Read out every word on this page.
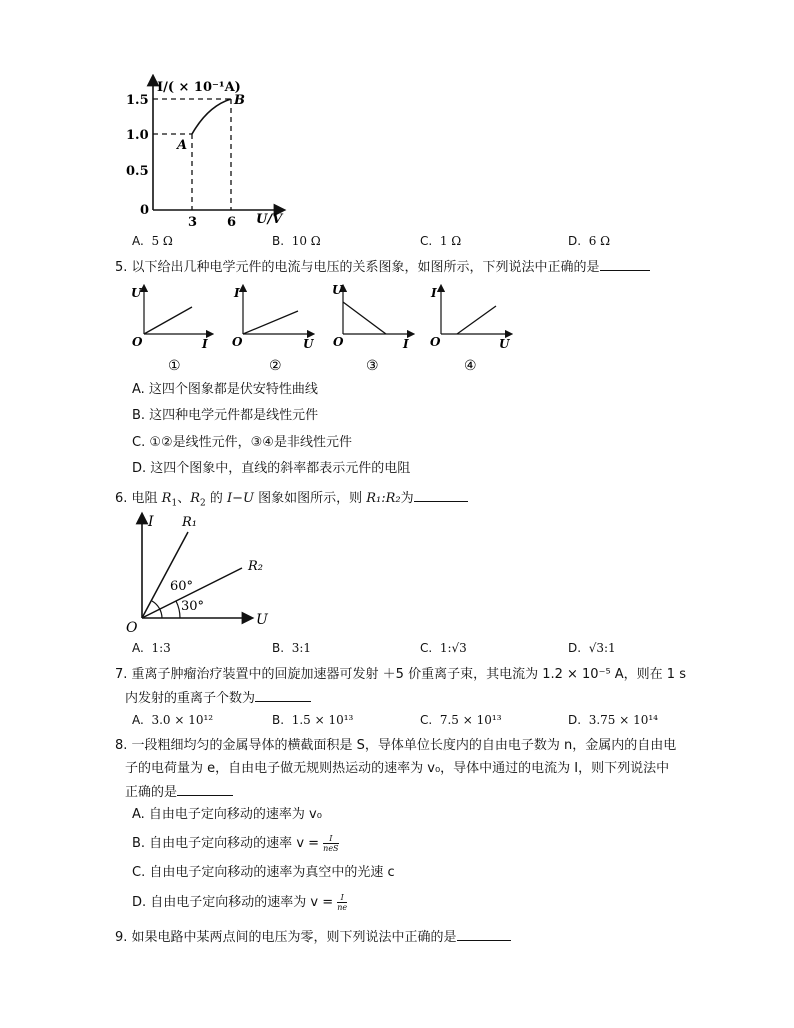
I/( × 10⁻¹A)
1.5
1.0
0.5
0
3 6 U/V
A
B
A. 5 Ω	B. 10 Ω	C. 1 Ω	D. 6 Ω
5. 以下给出几种电学元件的电流与电压的关系图象，如图所示，下列说法中正确的是
U
I
O
①
I
U
O
②
U
I
O
③
I
U
O
④
A. 这四个图象都是伏安特性曲线
B. 这四种电学元件都是线性元件
C. ①②是线性元件，③④是非线性元件
D. 这四个图象中，直线的斜率都表示元件的电阻
6. 电阻 $R_1$、$R_2$ 的 I−U 图象如图所示，则 R₁:R₂为
I
U
O
R₁
R₂
60°
30°
A. 1:3	B. 3:1	C. 1:√3	D. √3:1
7. 重离子肿瘤治疗装置中的回旋加速器可发射 ＋5 价重离子束，其电流为 1.2 × 10⁻⁵ A，则在 1 s
内发射的重离子个数为
A. 3.0 × 10¹²	B. 1.5 × 10¹³	C. 7.5 × 10¹³	D. 3.75 × 10¹⁴
8. 一段粗细均匀的金属导体的横截面积是 S，导体单位长度内的自由电子数为 n，金属内的自由电
子的电荷量为 e，自由电子做无规则热运动的速率为 v₀，导体中通过的电流为 I，则下列说法中
正确的是
A. 自由电子定向移动的速率为 v₀
B. 自由电子定向移动的速率 v = I
neS
C. 自由电子定向移动的速率为真空中的光速 c
D. 自由电子定向移动的速率为 $v = \frac{I}{ne}$
9. 如果电路中某两点间的电压为零，则下列说法中正确的是
